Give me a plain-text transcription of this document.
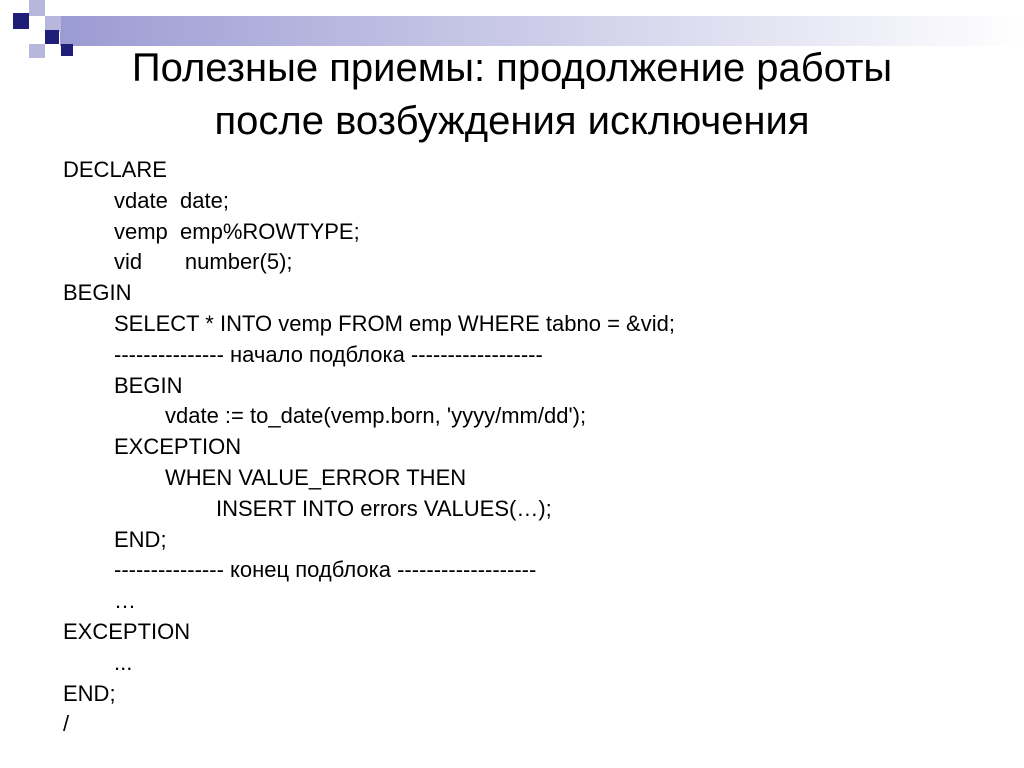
Полезные приемы: продолжение работы
после возбуждения исключения
DECLARE
vdate  date;
vemp  emp%ROWTYPE;
vid       number(5);
BEGIN
SELECT * INTO vemp FROM emp WHERE tabno = &vid;
--------------- начало подблока ------------------
BEGIN
vdate := to_date(vemp.born, 'yyyy/mm/dd');
EXCEPTION
WHEN VALUE_ERROR THEN
INSERT INTO errors VALUES(…);
END;
--------------- конец подблока -------------------
…
EXCEPTION
...
END;
/
